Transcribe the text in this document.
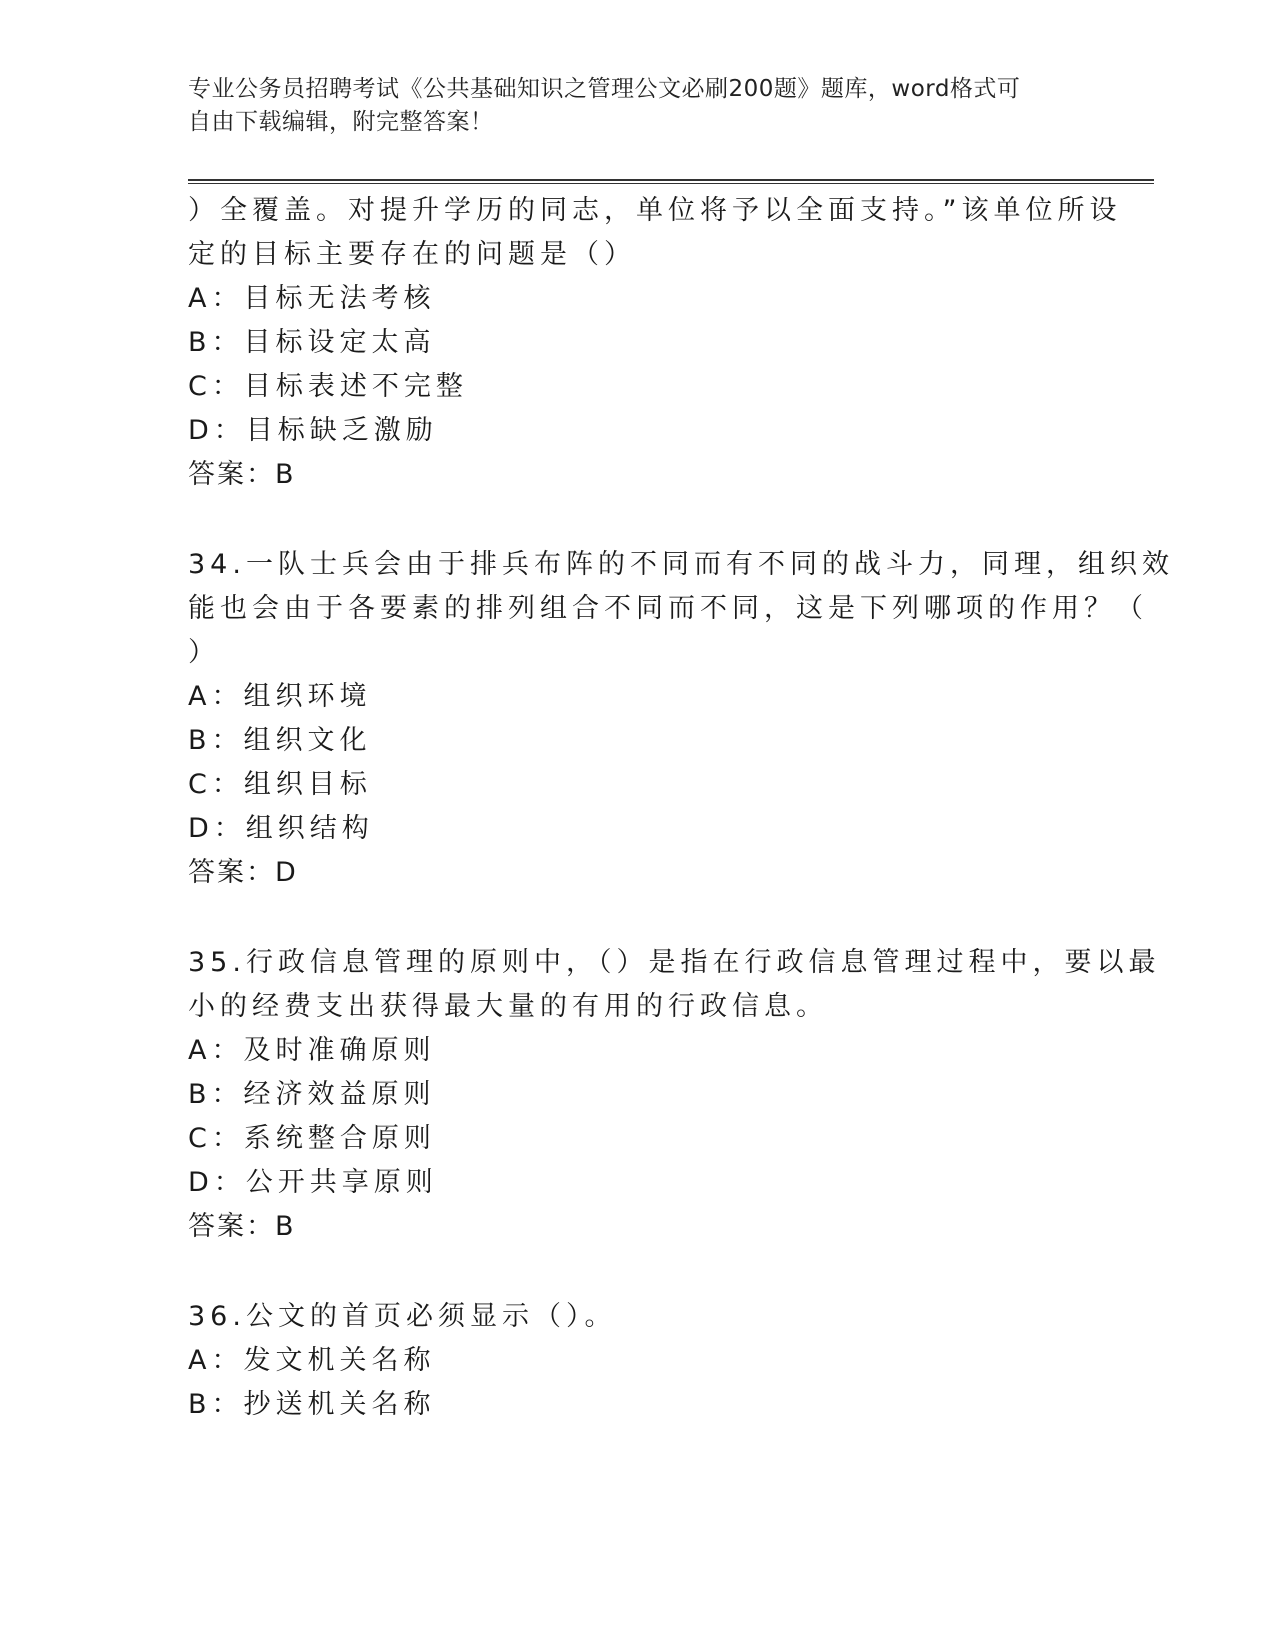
专业公务员招聘考试《公共基础知识之管理公文必刷200题》题库，word格式可
自由下载编辑，附完整答案！
）全覆盖。对提升学历的同志，单位将予以全面支持。”该单位所设
定的目标主要存在的问题是（）
A：目标无法考核
B：目标设定太高
C：目标表述不完整
D：目标缺乏激励
答案：B
34.一队士兵会由于排兵布阵的不同而有不同的战斗力，同理，组织效
能也会由于各要素的排列组合不同而不同，这是下列哪项的作用？（
）
A：组织环境
B：组织文化
C：组织目标
D：组织结构
答案：D
35.行政信息管理的原则中，（）是指在行政信息管理过程中，要以最
小的经费支出获得最大量的有用的行政信息。
A：及时准确原则
B：经济效益原则
C：系统整合原则
D：公开共享原则
答案：B
36.公文的首页必须显示（）。
A：发文机关名称
B：抄送机关名称
